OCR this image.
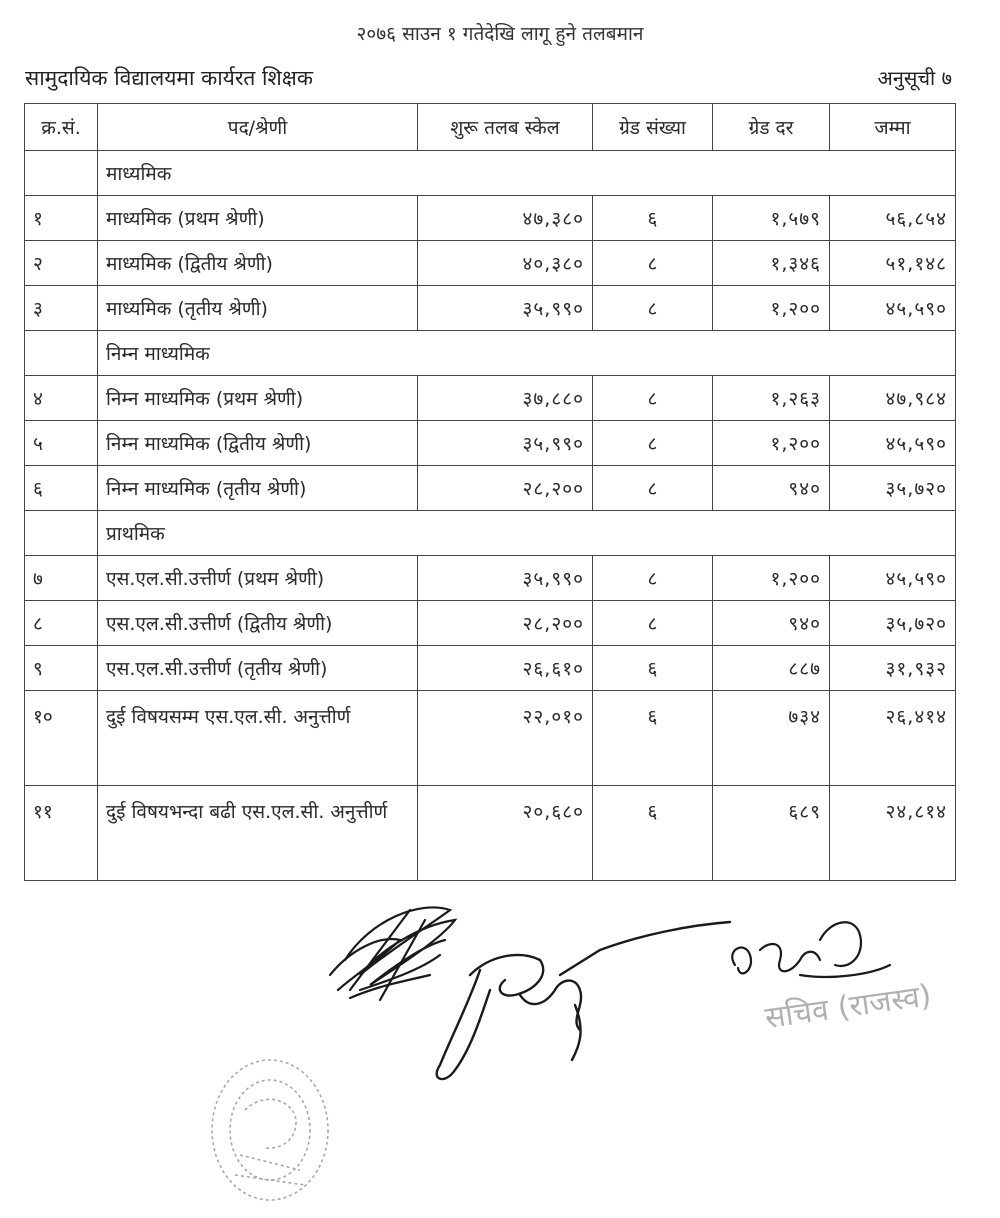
२०७६ साउन १ गतेदेखि लागू हुने तलबमान
सामुदायिक विद्यालयमा कार्यरत शिक्षक	अनुसूची ७
क्र.सं.	पद/श्रेणी	शुरू तलब स्केल	ग्रेड संख्या	ग्रेड दर	जम्मा
	माध्यमिक				
१	माध्यमिक (प्रथम श्रेणी)	४७,३८०	६	१,५७९	५६,८५४
२	माध्यमिक (द्वितीय श्रेणी)	४०,३८०	८	१,३४६	५१,१४८
३	माध्यमिक (तृतीय श्रेणी)	३५,९९०	८	१,२००	४५,५९०
	निम्न माध्यमिक				
४	निम्न माध्यमिक (प्रथम श्रेणी)	३७,८८०	८	१,२६३	४७,९८४
५	निम्न माध्यमिक (द्वितीय श्रेणी)	३५,९९०	८	१,२००	४५,५९०
६	निम्न माध्यमिक (तृतीय श्रेणी)	२८,२००	८	९४०	३५,७२०
	प्राथमिक				
७	एस.एल.सी.उत्तीर्ण (प्रथम श्रेणी)	३५,९९०	८	१,२००	४५,५९०
८	एस.एल.सी.उत्तीर्ण (द्वितीय श्रेणी)	२८,२००	८	९४०	३५,७२०
९	एस.एल.सी.उत्तीर्ण (तृतीय श्रेणी)	२६,६१०	६	८८७	३१,९३२
१०	दुई विषयसम्म एस.एल.सी. अनुत्तीर्ण	२२,०१०	६	७३४	२६,४१४
११	दुई विषयभन्दा बढी एस.एल.सी. अनुत्तीर्ण	२०,६८०	६	६८९	२४,८१४
सचिव (राजस्व)
